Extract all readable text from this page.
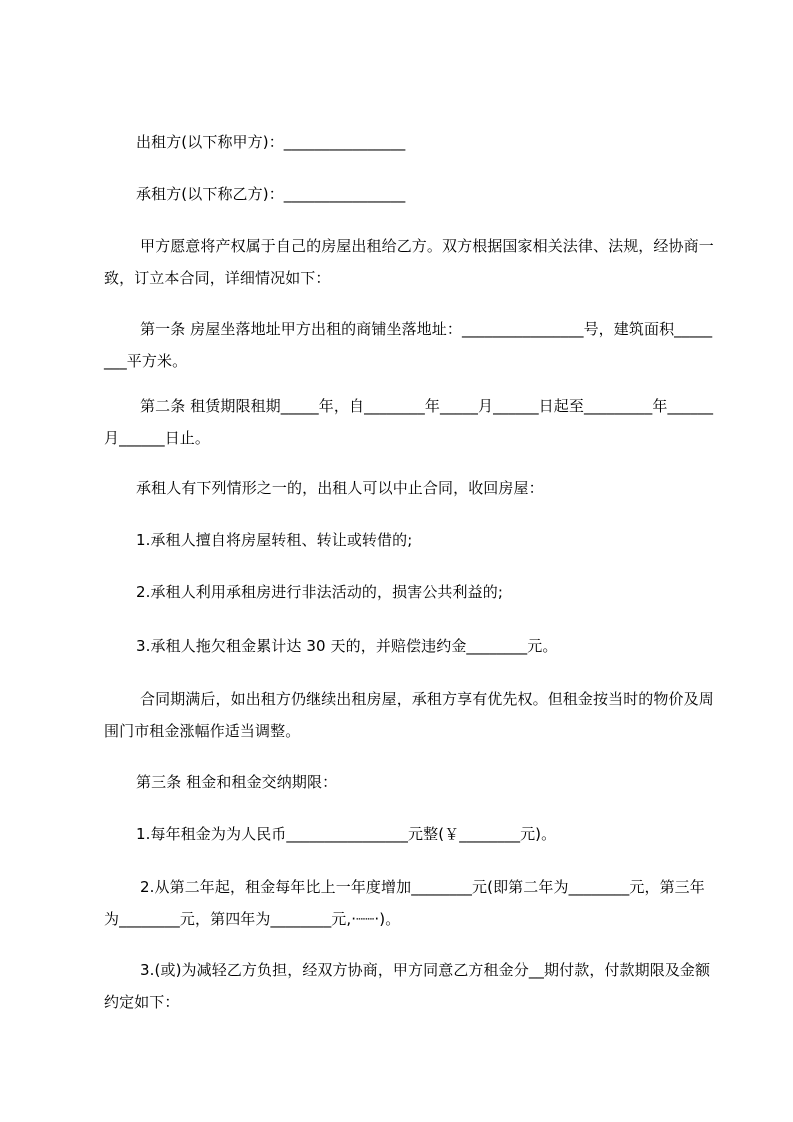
出租方(以下称甲方)：________________
承租方(以下称乙方)：________________
甲方愿意将产权属于自己的房屋出租给乙方。双方根据国家相关法律、法规，经协商一致，订立本合同，详细情况如下：
第一条 房屋坐落地址甲方出租的商铺坐落地址：________________号，建筑面积________平方米。
第二条 租赁期限租期_____年，自________年_____月______日起至_________年______月______日止。
承租人有下列情形之一的，出租人可以中止合同，收回房屋：
1.承租人擅自将房屋转租、转让或转借的;
2.承租人利用承租房进行非法活动的，损害公共利益的;
3.承租人拖欠租金累计达 30 天的，并赔偿违约金________元。
合同期满后，如出租方仍继续出租房屋，承租方享有优先权。但租金按当时的物价及周围门市租金涨幅作适当调整。
第三条 租金和租金交纳期限：
1.每年租金为为人民币________________元整(￥________元)。
2.从第二年起，租金每年比上一年度增加________元(即第二年为________元，第三年为________元，第四年为________元,·┈┈·)。
3.(或)为减轻乙方负担，经双方协商，甲方同意乙方租金分__期付款，付款期限及金额约定如下：
